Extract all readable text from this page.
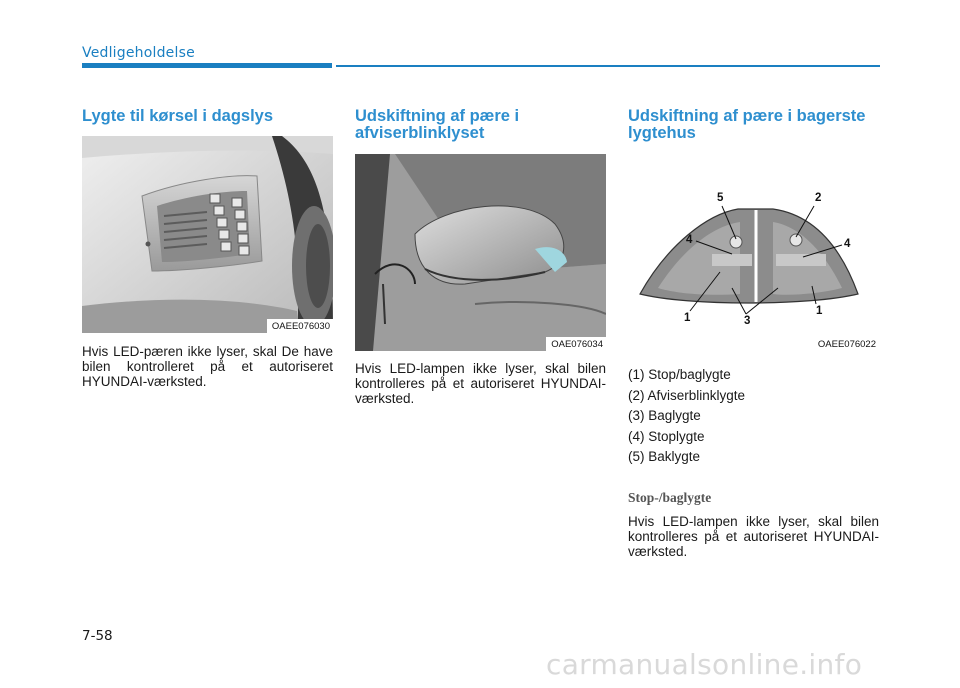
Vedligeholdelse
Lygte til kørsel i dagslys
OAEE076030

Hvis LED-pæren ikke lyser, skal De have bilen kontrolleret på et autoriseret HYUNDAI-værksted.

Udskiftning af pære i afviserblinklyset
OAE076034

Hvis LED-lampen ikke lyser, skal bilen kontrolleres på et autoriseret HYUNDAI-værksted.

Udskiftning af pære i bagerste lygtehus
5	2
4	4
1	3
1
OAEE076022
(1) Stop/baglygte
(2) Afviserblinklygte
(3) Baglygte
(4) Stoplygte
(5) Baklygte
Stop-/baglygte

Hvis LED-lampen ikke lyser, skal bilen kontrolleres på et autoriseret HYUNDAI-værksted.

7-58
carmanualsonline.info
